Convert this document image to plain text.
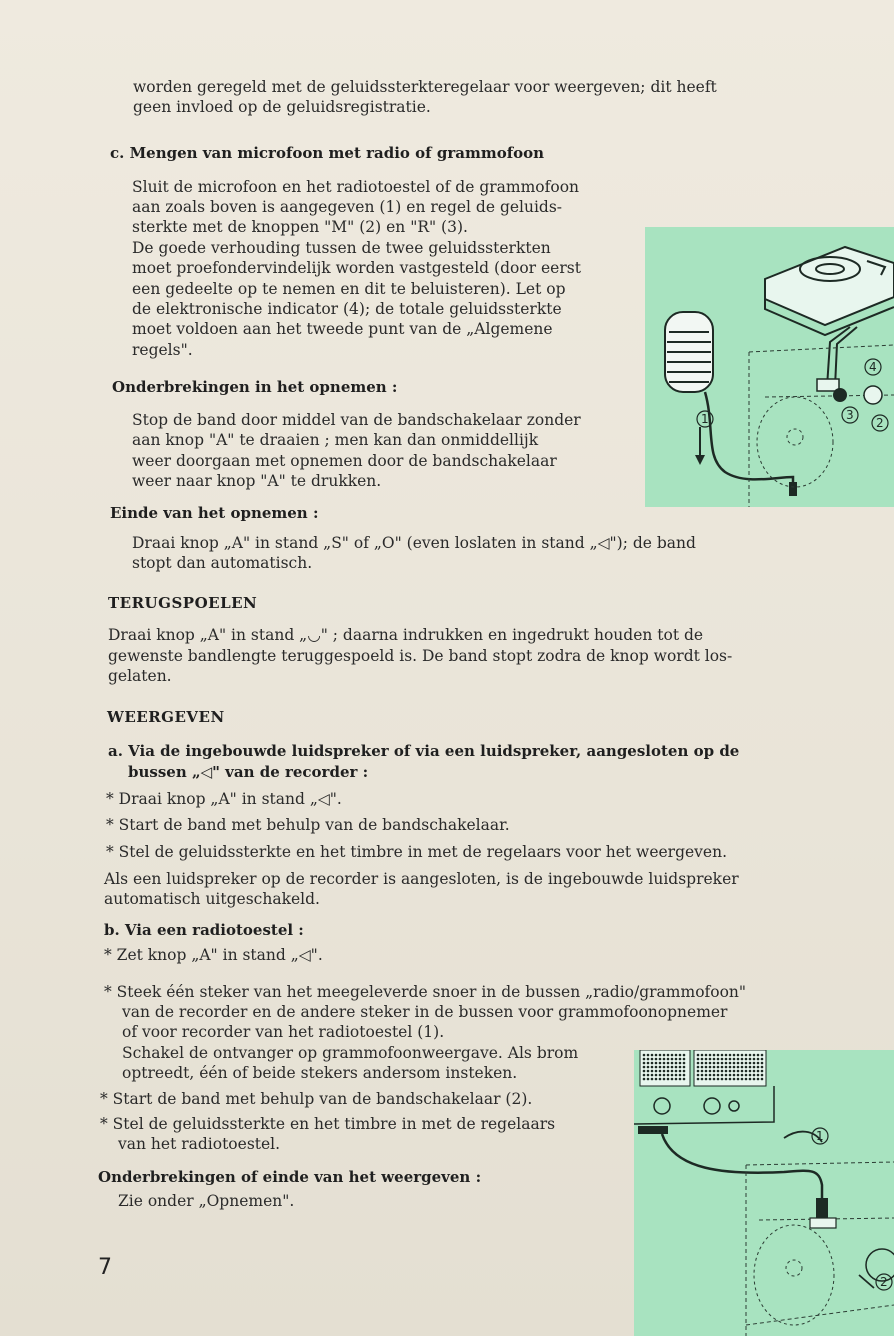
worden geregeld met de geluidssterkteregelaar voor weergeven; dit heeft

geen invloed op de geluidsregistratie.

c. Mengen van microfoon met radio of grammofoon

Sluit de microfoon en het radiotoestel of de grammofoon

aan zoals boven is aangegeven (1) en regel de geluids-

sterkte met de knoppen "M" (2) en "R" (3).

De goede verhouding tussen de twee geluidssterkten

moet proefondervindelijk worden vastgesteld (door eerst

een gedeelte op te nemen en dit te beluisteren). Let op

de elektronische indicator (4); de totale geluidssterkte

moet voldoen aan het tweede punt van de „Algemene

regels".

Onderbrekingen in het opnemen :

Stop de band door middel van de bandschakelaar zonder

aan knop "A" te draaien ; men kan dan onmiddellijk

weer doorgaan met opnemen door de bandschakelaar

weer naar knop "A" te drukken.

Einde van het opnemen :

Draai knop „A" in stand „S" of „O" (even loslaten in stand „◁"); de band

stopt dan automatisch.

TERUGSPOELEN

Draai knop „A" in stand „◡" ; daarna indrukken en ingedrukt houden tot de

gewenste bandlengte teruggespoeld is. De band stopt zodra de knop wordt los-

gelaten.

WEERGEVEN

a. Via de ingebouwde luidspreker of via een luidspreker, aangesloten op de

bussen „◁" van de recorder :

* Draai knop „A" in stand „◁".

* Start de band met behulp van de bandschakelaar.

* Stel de geluidssterkte en het timbre in met de regelaars voor het weergeven.

Als een luidspreker op de recorder is aangesloten, is de ingebouwde luidspreker

automatisch uitgeschakeld.

b. Via een radiotoestel :

* Zet knop „A" in stand „◁".

* Steek één steker van het meegeleverde snoer in de bussen „radio/grammofoon"

van de recorder en de andere steker in de bussen voor grammofoonopnemer

of voor recorder van het radiotoestel (1).

Schakel de ontvanger op grammofoonweergave. Als brom

optreedt, één of beide stekers andersom insteken.

* Start de band met behulp van de bandschakelaar (2).

* Stel de geluidssterkte en het timbre in met de regelaars

van het radiotoestel.

Onderbrekingen of einde van het weergeven :

Zie onder „Opnemen".

7

1	2
3
4
1
2
